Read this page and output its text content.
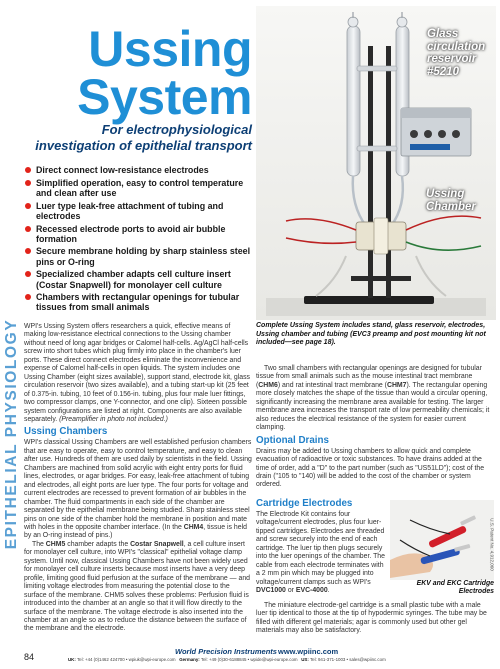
EPITHELIAL PHYSIOLOGY
Ussing
System
For electrophysiological investigation of epithelial transport
Direct connect low-resistance electrodes
Simplified operation, easy to control temperature and clean after use
Luer type leak-free attachment of tubing and electrodes
Recessed electrode ports to avoid air bubble formation
Secure membrane holding by sharp stainless steel pins or O-ring
Specialized chamber adapts cell culture insert (Costar Snapwell) for monolayer cell culture
Chambers with rectangular openings for tubular tissues from small animals

WPI's Ussing System offers researchers a quick, effective means of making low-resistance electrical connections to the Ussing chamber without need of long agar bridges or Calomel half-cells. Ag/AgCl half-cells screw into short tubes which plug firmly into place in the chamber's luer ports. These direct connect electrodes eliminate the inconvenience and expense of Calomel half-cells in open liquids. The system includes one Ussing Chamber (eight sizes available), support stand, electrode kit, glass circulation reservoir (two sizes available), and a tubing start-up kit (25 feet of 0.375-in. tubing, 10 feet of 0.156-in. tubing, plus four male luer fittings, two compressor clamps, one Y-connector, and one clip). Sixteen possible system configurations are listed at right. Components are also available separately. (Preamplifier in photo not included.)

Ussing Chambers

WPI's classical Ussing Chambers are well established perfusion chambers that are easy to operate, easy to control temperature, and easy to clean after use. Hundreds of them are used daily by scientists in the field. Ussing Chambers are machined from solid acrylic with eight entry ports for fluid lines, electrodes, or agar bridges. For easy, leak-free attachment of tubing and electrodes, all eight ports are luer type. The four ports for voltage and current electrodes are recessed to prevent formation of air bubbles in the chamber. The fluid compartments in each side of the chamber are separated by the epithelial membrane being studied. Sharp stainless steel pins on one side of the chamber hold the membrane in position and mate with holes in the opposite chamber interface. (In the CHM4, tissue is held by an O-ring instead of pins.)

The CHM5 chamber adapts the Costar Snapwell, a cell culture insert for monolayer cell culture, into WPI's "classical" epithelial voltage clamp system. Until now, classical Ussing Chambers have not been widely used for monolayer cell culture inserts because most inserts have a very deep profile, limiting good fluid perfusion at the surface of the membrane — and limiting voltage electrodes from measuring the potential close to the surface of the membrane. CHM5 solves these problems: Perfusion fluid is introduced into the chamber at an angle so that it will flow directly to the surface of the membrane. The voltage electrode is also inserted into the chamber at an angle so as to reduce the distance between the surface of the membrane and the electrode.

Glass circulation reservoir #5210
Ussing Chamber
Complete Ussing System includes stand, glass reservoir, electrodes, Ussing chamber and tubing (EVC3 preamp and post mounting kit not included—see page 18).

Two small chambers with rectangular openings are designed for tubular tissue from small animals such as the mouse intestinal tract membrane (CHM6) and rat intestinal tract membrane (CHM7). The rectangular opening more closely matches the shape of the tissue than would a circular opening, significantly increasing the membrane area available for testing. The larger membrane area increases the transport rate of low permeability chemicals; it also reduces the electrical resistance of the system for easier current clamping.

Optional Drains

Drains may be added to Ussing chambers to allow quick and complete evacuation of radioactive or toxic substances. To have drains added at the time of order, add a "D" to the part number (such as "US51LD"); cost of the drain ("105 to "140) will be added to the cost of the chamber or system ordered.

Cartridge Electrodes

The Electrode Kit contains four voltage/current electrodes, plus four luer-tipped cartridges. Electrodes are threaded and screw securely into the end of each cartridge. The luer tip then plugs securely into the luer openings of the chamber. The cable from each electrode terminates with a 2 mm pin which may be plugged into voltage/current clamps such as WPI's DVC1000 or EVC-4000.

EKV and EKC Cartridge Electrodes
U.S. Patent No. 4,912,060

The miniature electrode-gel cartridge is a small plastic tube with a male luer tip identical to those at the tip of hypodermic syringes. The tube may be filled with different gel materials; agar is commonly used but other gel materials may also be satisfactory.

84
World Precision Instruments www.wpiinc.com
UK: Tel: +44 (0)1462 424700 • wpiuk@wpi-europe.com Germany: Tel: +49 (0)30-6188845 • wpide@wpi-europe.com US: Tel: 941-371-1003 • sales@wpiinc.com
